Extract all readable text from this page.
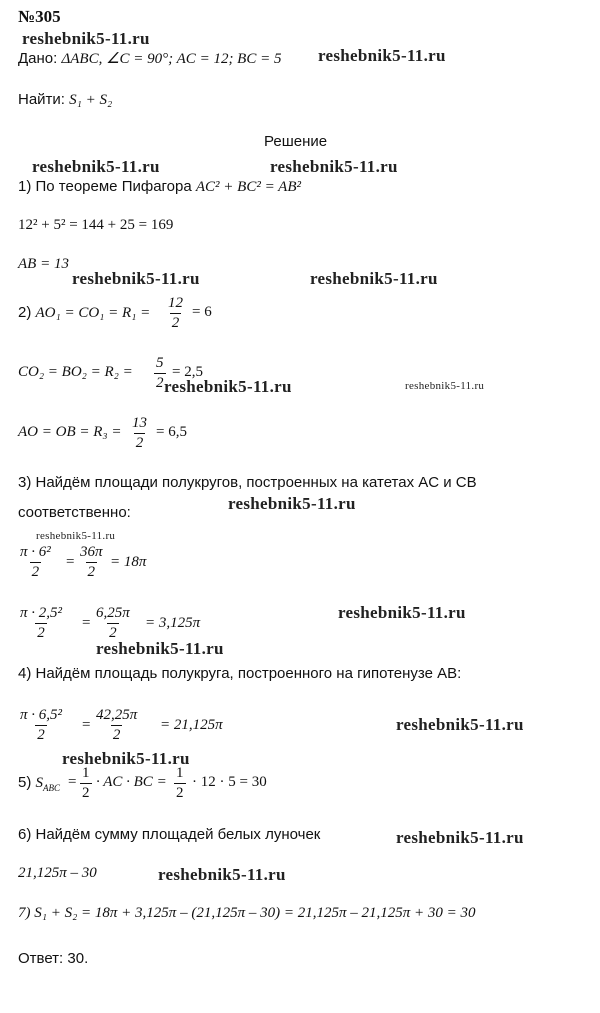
№305
reshebnik5-11.ru
Дано: ΔABC, ∠C = 90°; AC = 12; BC = 5 reshebnik5-11.ru
Найти: S₁ + S₂
Решение
reshebnik5-11.ru	reshebnik5-11.ru
1) По теореме Пифагора AC² + BC² = AB²
12² + 5² = 144 + 25 = 169
AB = 13
reshebnik5-11.ru	reshebnik5-11.ru
2) $AO_1 = CO_1 = R_1 = \frac{12}{2} = 6$
$CO_2 = BO_2 = R_2 = \frac{5}{2} = 2,5$
reshebnik5-11.ru	reshebnik5-11.ru
AO = OB = $R_3 = \frac{13}{2} = 6,5$
3) Найдём площади полукругов, построенных на катетах AC и CB
reshebnik5-11.ru
соответственно:
reshebnik5-11.ru
$\frac{\text{π · 6²}}{2} = \frac{36\pi}{2} = 18\pi$
$\frac{\text{π · 2,5²}}{2} = \frac{6,25\pi}{2} = 3,125\pi$
reshebnik5-11.ru
reshebnik5-11.ru
4) Найдём площадь полукруга, построенного на гипотенузе AB:
$\frac{\text{π · 6,5²}}{2} = \frac{42,25\pi}{2} = 21,125\pi$	reshebnik5-11.ru
reshebnik5-11.ru
5) $S_{ABC} = \frac{1}{2}$ · AC · BC = $\frac{1}{2} \cdot 12 \cdot 5 = 30$
6) Найдём сумму площадей белых луночек	reshebnik5-11.ru
21,125π – 30	reshebnik5-11.ru
7) S₁ + S₂ = 18π + 3,125π – (21,125π – 30) = 21,125π – 21,125π + 30 = 30
Ответ: 30.
